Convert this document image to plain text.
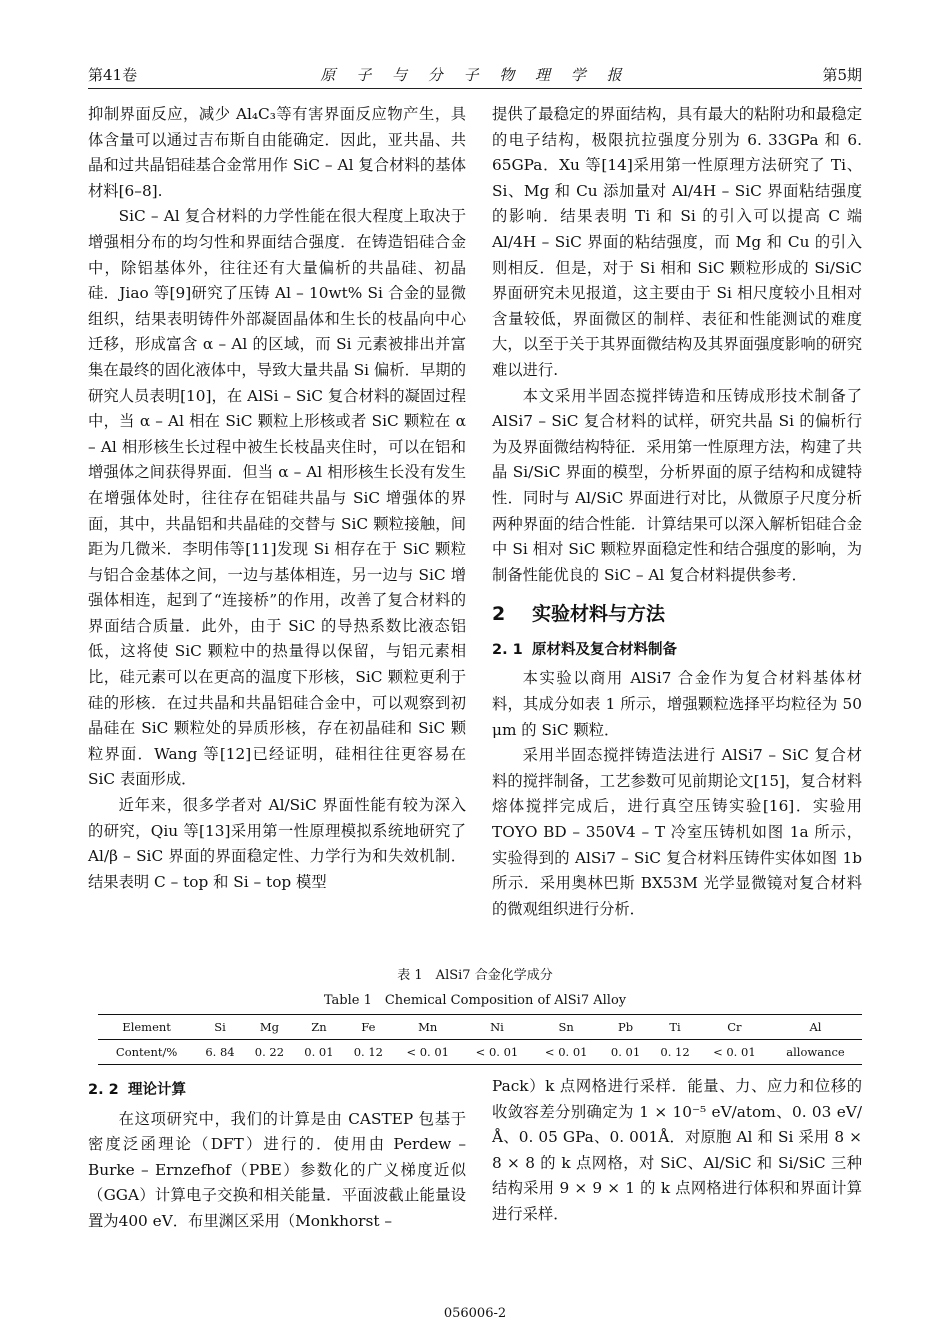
第41卷	原 子 与 分 子 物 理 学 报	第5期

抑制界面反应，减少 Al₄C₃等有害界面反应物产生，具体含量可以通过吉布斯自由能确定．因此，亚共晶、共晶和过共晶铝硅基合金常用作 SiC – Al 复合材料的基体材料[6–8].

SiC – Al 复合材料的力学性能在很大程度上取决于增强相分布的均匀性和界面结合强度．在铸造铝硅合金中，除铝基体外，往往还有大量偏析的共晶硅、初晶硅．Jiao 等[9]研究了压铸 Al – 10wt% Si 合金的显微组织，结果表明铸件外部凝固晶体和生长的枝晶向中心迁移，形成富含 α – Al 的区域，而 Si 元素被排出并富集在最终的固化液体中，导致大量共晶 Si 偏析．早期的研究人员表明[10]，在 AlSi – SiC 复合材料的凝固过程中，当 α – Al 相在 SiC 颗粒上形核或者 SiC 颗粒在 α – Al 相形核生长过程中被生长枝晶夹住时，可以在铝和增强体之间获得界面．但当 α – Al 相形核生长没有发生在增强体处时，往往存在铝硅共晶与 SiC 增强体的界面，其中，共晶铝和共晶硅的交替与 SiC 颗粒接触，间距为几微米．李明伟等[11]发现 Si 相存在于 SiC 颗粒与铝合金基体之间，一边与基体相连，另一边与 SiC 增强体相连，起到了“连接桥”的作用，改善了复合材料的界面结合质量．此外，由于 SiC 的导热系数比液态铝低，这将使 SiC 颗粒中的热量得以保留，与铝元素相比，硅元素可以在更高的温度下形核，SiC 颗粒更利于硅的形核．在过共晶和共晶铝硅合金中，可以观察到初晶硅在 SiC 颗粒处的异质形核，存在初晶硅和 SiC 颗粒界面．Wang 等[12]已经证明，硅相往往更容易在 SiC 表面形成．

近年来，很多学者对 Al/SiC 界面性能有较为深入的研究，Qiu 等[13]采用第一性原理模拟系统地研究了 Al/β – SiC 界面的界面稳定性、力学行为和失效机制．结果表明 C – top 和 Si – top 模型

提供了最稳定的界面结构，具有最大的粘附功和最稳定的电子结构，极限抗拉强度分别为 6. 33GPa 和 6. 65GPa．Xu 等[14]采用第一性原理方法研究了 Ti、Si、Mg 和 Cu 添加量对 Al/4H – SiC 界面粘结强度的影响．结果表明 Ti 和 Si 的引入可以提高 C 端 Al/4H – SiC 界面的粘结强度，而 Mg 和 Cu 的引入则相反．但是，对于 Si 相和 SiC 颗粒形成的 Si/SiC 界面研究未见报道，这主要由于 Si 相尺度较小且相对含量较低，界面微区的制样、表征和性能测试的难度大，以至于关于其界面微结构及其界面强度影响的研究难以进行.

本文采用半固态搅拌铸造和压铸成形技术制备了 AlSi7 – SiC 复合材料的试样，研究共晶 Si 的偏析行为及界面微结构特征．采用第一性原理方法，构建了共晶 Si/SiC 界面的模型，分析界面的原子结构和成键特性．同时与 Al/SiC 界面进行对比，从微原子尺度分析两种界面的结合性能．计算结果可以深入解析铝硅合金中 Si 相对 SiC 颗粒界面稳定性和结合强度的影响，为制备性能优良的 SiC – Al 复合材料提供参考．

2 实验材料与方法
2. 1 原材料及复合材料制备

本实验以商用 AlSi7 合金作为复合材料基体材料，其成分如表 1 所示，增强颗粒选择平均粒径为 50 μm 的 SiC 颗粒．

采用半固态搅拌铸造法进行 AlSi7 – SiC 复合材料的搅拌制备，工艺参数可见前期论文[15]，复合材料熔体搅拌完成后，进行真空压铸实验[16]．实验用 TOYO BD – 350V4 – T 冷室压铸机如图 1a 所示，实验得到的 AlSi7 – SiC 复合材料压铸件实体如图 1b 所示．采用奥林巴斯 BX53M 光学显微镜对复合材料的微观组织进行分析．

表 1　AlSi7 合金化学成分
Table 1　Chemical Composition of AlSi7 Alloy
Element	Si	Mg	Zn	Fe	Mn	Ni	Sn	Pb	Ti	Cr	Al
Content/%	6. 84	0. 22	0. 01	0. 12	< 0. 01	< 0. 01	< 0. 01	0. 01	0. 12	< 0. 01	allowance
2. 2 理论计算

在这项研究中，我们的计算是由 CASTEP 包基于密度泛函理论（DFT）进行的．使用由 Perdew – Burke – Ernzefhof（PBE）参数化的广义梯度近似（GGA）计算电子交换和相关能量．平面波截止能量设置为400 eV．布里渊区采用（Monkhorst –

Pack）k 点网格进行采样．能量、力、应力和位移的收敛容差分别确定为 1 × 10⁻⁵ eV/atom、0. 03 eV/Å、0. 05 GPa、0. 001Å．对原胞 Al 和 Si 采用 8 × 8 × 8 的 k 点网格，对 SiC、Al/SiC 和 Si/SiC 三种结构采用 9 × 9 × 1 的 k 点网格进行体积和界面计算进行采样．

056006-2
